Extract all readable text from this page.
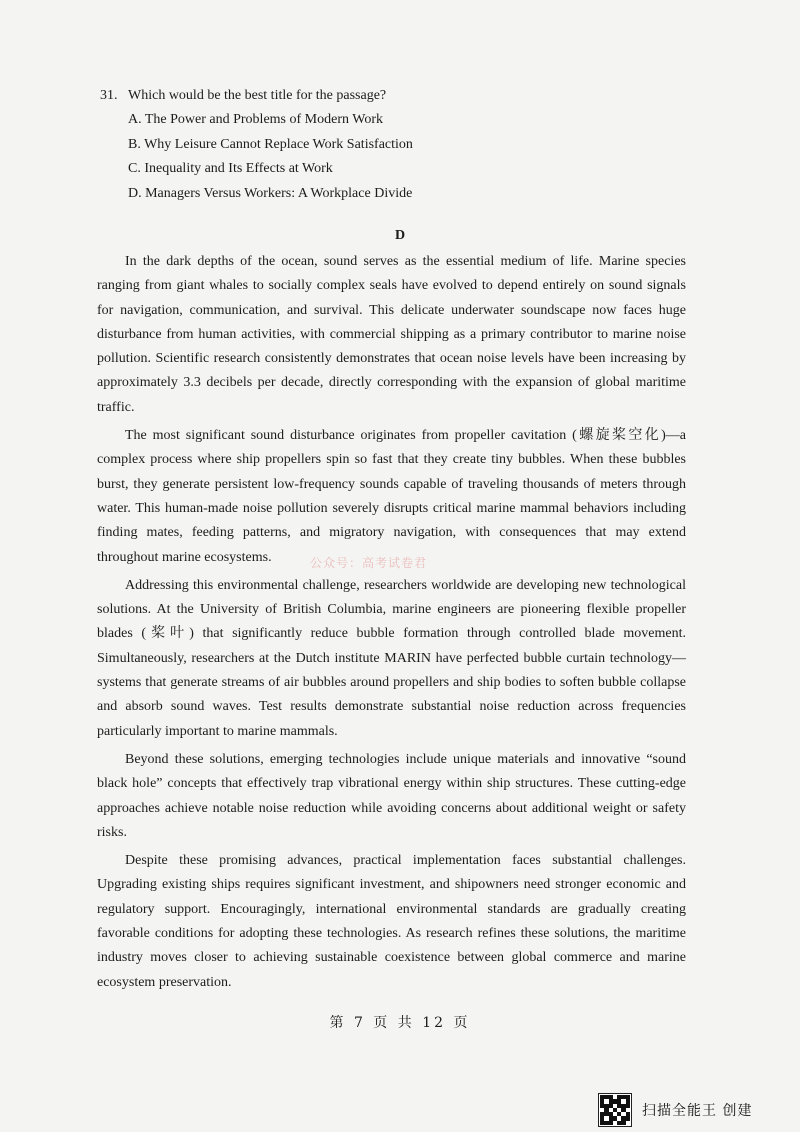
31. Which would be the best title for the passage?
A. The Power and Problems of Modern Work
B. Why Leisure Cannot Replace Work Satisfaction
C. Inequality and Its Effects at Work
D. Managers Versus Workers: A Workplace Divide
D

In the dark depths of the ocean, sound serves as the essential medium of life. Marine species ranging from giant whales to socially complex seals have evolved to depend entirely on sound signals for navigation, communication, and survival. This delicate underwater soundscape now faces huge disturbance from human activities, with commercial shipping as a primary contributor to marine noise pollution. Scientific research consistently demonstrates that ocean noise levels have been increasing by approximately 3.3 decibels per decade, directly corresponding with the expansion of global maritime traffic.

The most significant sound disturbance originates from propeller cavitation (螺旋桨空化)—a complex process where ship propellers spin so fast that they create tiny bubbles. When these bubbles burst, they generate persistent low-frequency sounds capable of traveling thousands of meters through water. This human-made noise pollution severely disrupts critical marine mammal behaviors including finding mates, feeding patterns, and migratory navigation, with consequences that may extend throughout marine ecosystems.

Addressing this environmental challenge, researchers worldwide are developing new technological solutions. At the University of British Columbia, marine engineers are pioneering flexible propeller blades (桨叶) that significantly reduce bubble formation through controlled blade movement. Simultaneously, researchers at the Dutch institute MARIN have perfected bubble curtain technology—systems that generate streams of air bubbles around propellers and ship bodies to soften bubble collapse and absorb sound waves. Test results demonstrate substantial noise reduction across frequencies particularly important to marine mammals.

Beyond these solutions, emerging technologies include unique materials and innovative “sound black hole” concepts that effectively trap vibrational energy within ship structures. These cutting-edge approaches achieve notable noise reduction while avoiding concerns about additional weight or safety risks.

Despite these promising advances, practical implementation faces substantial challenges. Upgrading existing ships requires significant investment, and shipowners need stronger economic and regulatory support. Encouragingly, international environmental standards are gradually creating favorable conditions for adopting these technologies. As research refines these solutions, the maritime industry moves closer to achieving sustainable coexistence between global commerce and marine ecosystem preservation.

公众号：高考试卷君
第 7 页 共 12 页
扫描全能王 创建
